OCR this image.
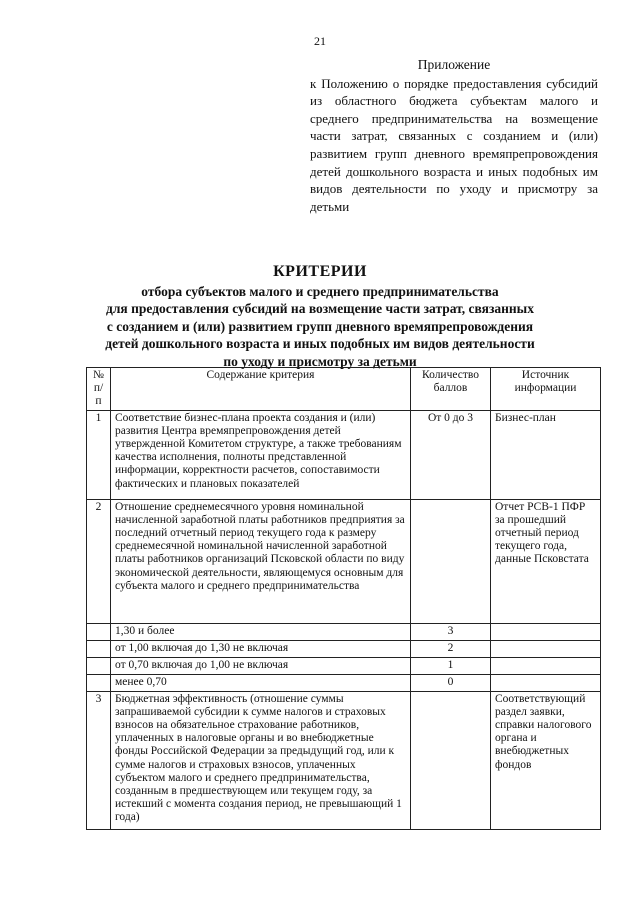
21
Приложение
к Положению о порядке предоставления субсидий из областного бюджета субъектам малого и среднего предпринимательства на возмещение части затрат, связанных с созданием и (или) развитием групп дневного времяпрепровождения детей дошкольного возраста и иных подобных им видов деятельности по уходу и присмотру за детьми
КРИТЕРИИ
отбора субъектов малого и среднего предпринимательства
для предоставления субсидий на возмещение части затрат, связанных
с созданием и (или) развитием групп дневного времяпрепровождения
детей дошкольного возраста и иных подобных им видов деятельности
по уходу и присмотру за детьми
№ п/п	Содержание критерия	Количество баллов	Источник информации
1	Соответствие бизнес-плана проекта создания и (или) развития Центра времяпрепровождения детей утвержденной Комитетом структуре, а также требованиям качества исполнения, полноты представленной информации, корректности расчетов, сопоставимости фактических и плановых показателей	От 0 до 3	Бизнес-план
2	Отношение среднемесячного уровня номинальной начисленной заработной платы работников предприятия за последний отчетный период текущего года к размеру среднемесячной номинальной начисленной заработной платы работников организаций Псковской области по виду экономической деятельности, являющемуся основным для субъекта малого и среднего предпринимательства		Отчет РСВ-1 ПФР за прошедший отчетный период текущего года, данные Псковстата
	1,30 и более	3	
	от 1,00 включая до 1,30 не включая	2	
	от 0,70 включая до 1,00 не включая	1	
	менее 0,70	0	
3	Бюджетная эффективность (отношение суммы запрашиваемой субсидии к сумме налогов и страховых взносов на обязательное страхование работников, уплаченных в налоговые органы и во внебюджетные фонды Российской Федерации за предыдущий год, или к сумме налогов и страховых взносов, уплаченных субъектом малого и среднего предпринимательства, созданным в предшествующем или текущем году, за истекший с момента создания период, не превышающий 1 года)		Соответствующий раздел заявки, справки налогового органа и внебюджетных фондов
